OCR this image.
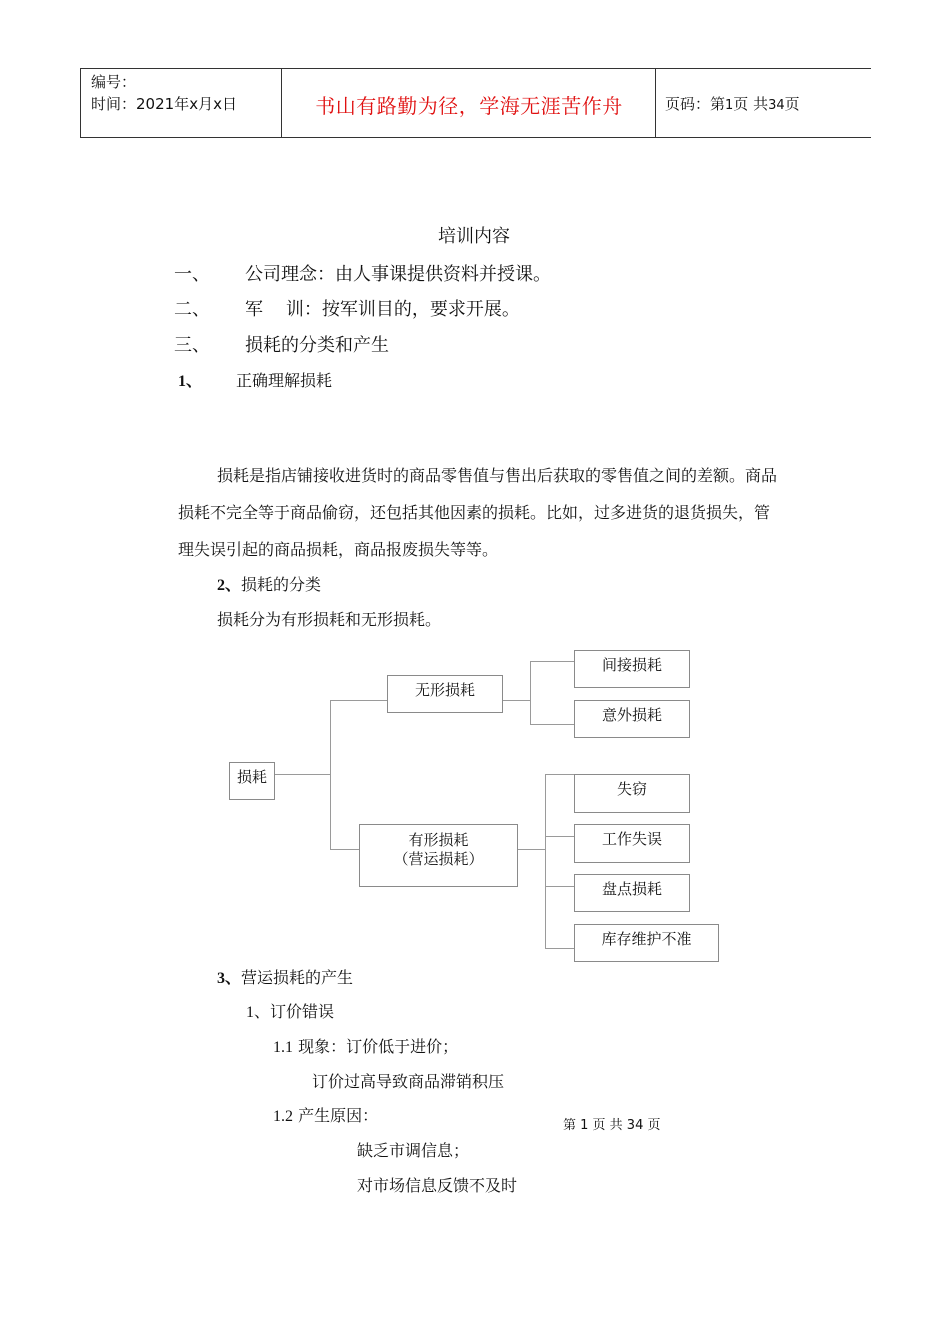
编号：
时间：2021年x月x日	书山有路勤为径，学海无涯苦作舟	页码：第1页 共34页
培训内容
一、 公司理念：由人事课提供资料并授课。
二、 军    训：按军训目的，要求开展。
三、 损耗的分类和产生
1、 正确理解损耗
损耗是指店铺接收进货时的商品零售值与售出后获取的零售值之间的差额。商品
损耗不完全等于商品偷窃，还包括其他因素的损耗。比如，过多进货的退货损失，管
理失误引起的商品损耗，商品报废损失等等。
2、损耗的分类
损耗分为有形损耗和无形损耗。
损耗
无形损耗
间接损耗
意外损耗
有形损耗
（营运损耗）
失窃
工作失误
盘点损耗
库存维护不准
3、营运损耗的产生
1、订价错误
1.1 现象：订价低于进价；
订价过高导致商品滞销积压
1.2 产生原因：
第 1 页 共 34 页
缺乏市调信息；
对市场信息反馈不及时
